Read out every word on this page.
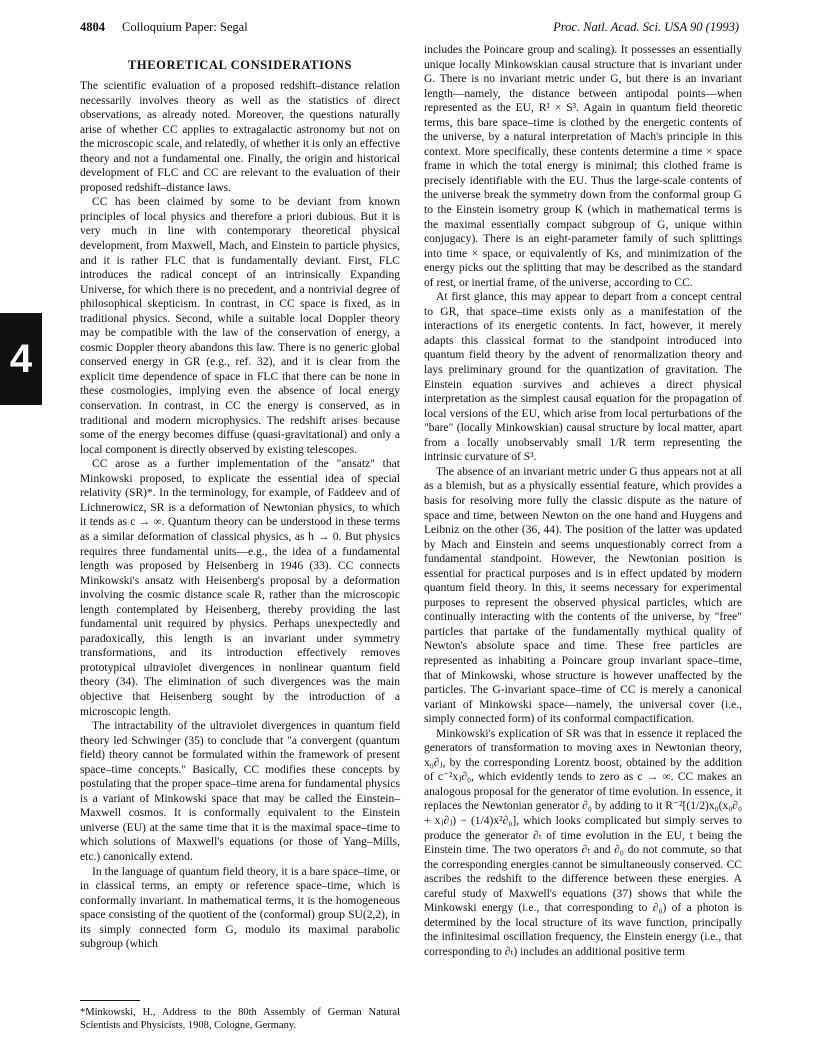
4804 Colloquium Paper: Segal	Proc. Natl. Acad. Sci. USA 90 (1993)
4
THEORETICAL CONSIDERATIONS

The scientific evaluation of a proposed redshift–distance relation necessarily involves theory as well as the statistics of direct observations, as already noted. Moreover, the questions naturally arise of whether CC applies to extragalactic astronomy but not on the microscopic scale, and relatedly, of whether it is only an effective theory and not a fundamental one. Finally, the origin and historical development of FLC and CC are relevant to the evaluation of their proposed redshift–distance laws.

CC has been claimed by some to be deviant from known principles of local physics and therefore a priori dubious. But it is very much in line with contemporary theoretical physical development, from Maxwell, Mach, and Einstein to particle physics, and it is rather FLC that is fundamentally deviant. First, FLC introduces the radical concept of an intrinsically Expanding Universe, for which there is no precedent, and a nontrivial degree of philosophical skepticism. In contrast, in CC space is fixed, as in traditional physics. Second, while a suitable local Doppler theory may be compatible with the law of the conservation of energy, a cosmic Doppler theory abandons this law. There is no generic global conserved energy in GR (e.g., ref. 32), and it is clear from the explicit time dependence of space in FLC that there can be none in these cosmologies, implying even the absence of local energy conservation. In contrast, in CC the energy is conserved, as in traditional and modern microphysics. The redshift arises because some of the energy becomes diffuse (quasi-gravitational) and only a local component is directly observed by existing telescopes.

CC arose as a further implementation of the "ansatz" that Minkowski proposed, to explicate the essential idea of special relativity (SR)*. In the terminology, for example, of Faddeev and of Lichnerowicz, SR is a deformation of Newtonian physics, to which it tends as c → ∞. Quantum theory can be understood in these terms as a similar deformation of classical physics, as h → 0. But physics requires three fundamental units—e.g., the idea of a fundamental length was proposed by Heisenberg in 1946 (33). CC connects Minkowski's ansatz with Heisenberg's proposal by a deformation involving the cosmic distance scale R, rather than the microscopic length contemplated by Heisenberg, thereby providing the last fundamental unit required by physics. Perhaps unexpectedly and paradoxically, this length is an invariant under symmetry transformations, and its introduction effectively removes prototypical ultraviolet divergences in nonlinear quantum field theory (34). The elimination of such divergences was the main objective that Heisenberg sought by the introduction of a microscopic length.

The intractability of the ultraviolet divergences in quantum field theory led Schwinger (35) to conclude that "a convergent (quantum field) theory cannot be formulated within the framework of present space–time concepts." Basically, CC modifies these concepts by postulating that the proper space–time arena for fundamental physics is a variant of Minkowski space that may be called the Einstein–Maxwell cosmos. It is conformally equivalent to the Einstein universe (EU) at the same time that it is the maximal space–time to which solutions of Maxwell's equations (or those of Yang–Mills, etc.) canonically extend.

In the language of quantum field theory, it is a bare space–time, or in classical terms, an empty or reference space–time, which is conformally invariant. In mathematical terms, it is the homogeneous space consisting of the quotient of the (conformal) group SU(2,2), in its simply connected form G, modulo its maximal parabolic subgroup (which

includes the Poincare group and scaling). It possesses an essentially unique locally Minkowskian causal structure that is invariant under G. There is no invariant metric under G, but there is an invariant length—namely, the distance between antipodal points—when represented as the EU, R¹ × S³. Again in quantum field theoretic terms, this bare space–time is clothed by the energetic contents of the universe, by a natural interpretation of Mach's principle in this context. More specifically, these contents determine a time × space frame in which the total energy is minimal; this clothed frame is precisely identifiable with the EU. Thus the large-scale contents of the universe break the symmetry down from the conformal group G to the Einstein isometry group K (which in mathematical terms is the maximal essentially compact subgroup of G, unique within conjugacy). There is an eight-parameter family of such splittings into time × space, or equivalently of Ks, and minimization of the energy picks out the splitting that may be described as the standard of rest, or inertial frame, of the universe, according to CC.

At first glance, this may appear to depart from a concept central to GR, that space–time exists only as a manifestation of the interactions of its energetic contents. In fact, however, it merely adapts this classical format to the standpoint introduced into quantum field theory by the advent of renormalization theory and lays preliminary ground for the quantization of gravitation. The Einstein equation survives and achieves a direct physical interpretation as the simplest causal equation for the propagation of local versions of the EU, which arise from local perturbations of the "bare" (locally Minkowskian) causal structure by local matter, apart from a locally unobservably small 1/R term representing the intrinsic curvature of S³.

The absence of an invariant metric under G thus appears not at all as a blemish, but as a physically essential feature, which provides a basis for resolving more fully the classic dispute as the nature of space and time, between Newton on the one hand and Huygens and Leibniz on the other (36, 44). The position of the latter was updated by Mach and Einstein and seems unquestionably correct from a fundamental standpoint. However, the Newtonian position is essential for practical purposes and is in effect updated by modern quantum field theory. In this, it seems necessary for experimental purposes to represent the observed physical particles, which are continually interacting with the contents of the universe, by "free" particles that partake of the fundamentally mythical quality of Newton's absolute space and time. These free particles are represented as inhabiting a Poincare group invariant space–time, that of Minkowski, whose structure is however unaffected by the particles. The G-invariant space–time of CC is merely a canonical variant of Minkowski space—namely, the universal cover (i.e., simply connected form) of its conformal compactification.

Minkowski's explication of SR was that in essence it replaced the generators of transformation to moving axes in Newtonian theory, x₀∂ⱼ, by the corresponding Lorentz boost, obtained by the addition of c⁻²xⱼ∂₀, which evidently tends to zero as c → ∞. CC makes an analogous proposal for the generator of time evolution. In essence, it replaces the Newtonian generator ∂₀ by adding to it R⁻²[(1/2)x₀(x₀∂₀ + xⱼ∂ⱼ) − (1/4)x²∂₀], which looks complicated but simply serves to produce the generator ∂ₜ of time evolution in the EU, t being the Einstein time. The two operators ∂ₜ and ∂₀ do not commute, so that the corresponding energies cannot be simultaneously conserved. CC ascribes the redshift to the difference between these energies. A careful study of Maxwell's equations (37) shows that while the Minkowski energy (i.e., that corresponding to ∂₀) of a photon is determined by the local structure of its wave function, principally the infinitesimal oscillation frequency, the Einstein energy (i.e., that corresponding to ∂ₜ) includes an additional positive term

*Minkowski, H., Address to the 80th Assembly of German Natural Scientists and Physicists, 1908, Cologne, Germany.
